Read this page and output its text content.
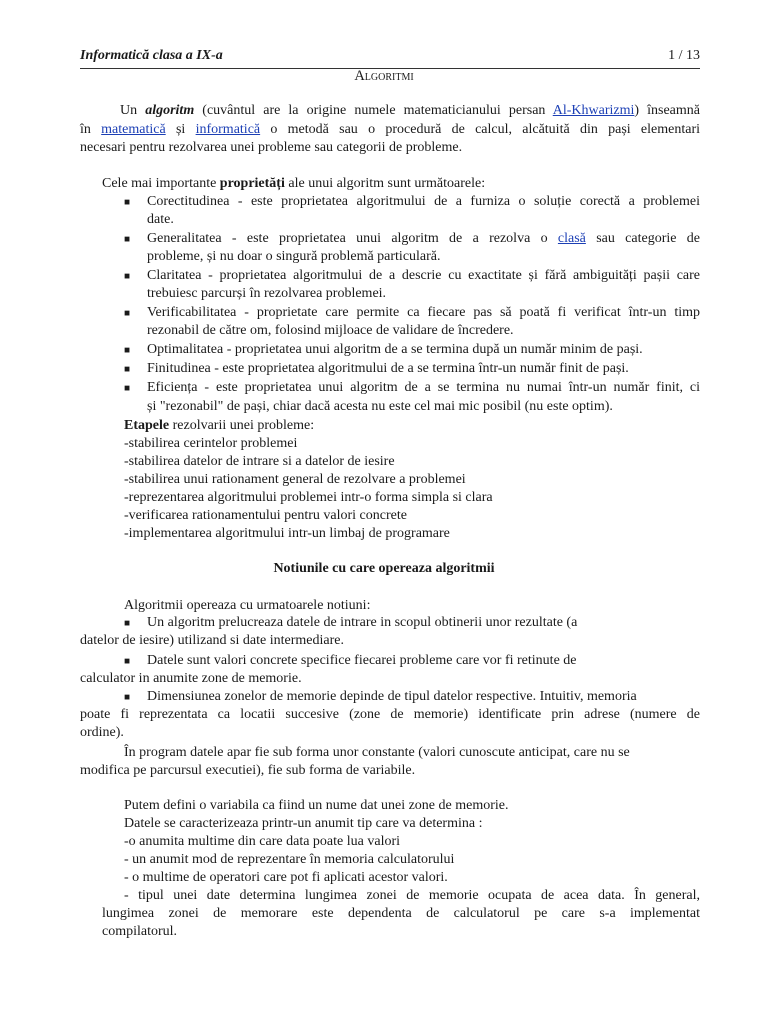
Informatică clasa a IX-a	1 / 13
Algoritmi
Un algoritm (cuvântul are la origine numele matematicianului persan Al-Khwarizmi) înseamnă
în matematică și informatică o metodă sau o procedură de calcul, alcătuită din pași elementari
necesari pentru rezolvarea unei probleme sau categorii de probleme.
Cele mai importante proprietăți ale unui algoritm sunt următoarele:
■ Corectitudinea - este proprietatea algoritmului de a furniza o soluție corectă a problemei
date.
■ Generalitatea - este proprietatea unui algoritm de a rezolva o clasă sau categorie de
probleme, și nu doar o singură problemă particulară.
■ Claritatea - proprietatea algoritmului de a descrie cu exactitate și fără ambiguități pașii care
trebuiesc parcurși în rezolvarea problemei.
■ Verificabilitatea - proprietate care permite ca fiecare pas să poată fi verificat într-un timp
rezonabil de către om, folosind mijloace de validare de încredere.
■ Optimalitatea - proprietatea unui algoritm de a se termina după un număr minim de pași.
■ Finitudinea - este proprietatea algoritmului de a se termina într-un număr finit de pași.
■ Eficiența - este proprietatea unui algoritm de a se termina nu numai într-un număr finit, ci
și "rezonabil" de pași, chiar dacă acesta nu este cel mai mic posibil (nu este optim).
Etapele rezolvarii unei probleme:
-stabilirea cerintelor problemei
-stabilirea datelor de intrare si a datelor de iesire
-stabilirea unui rationament general de rezolvare a problemei
-reprezentarea algoritmului problemei intr-o forma simpla si clara
-verificarea rationamentului pentru valori concrete
-implementarea algoritmului intr-un limbaj de programare
Notiunile cu care opereaza algoritmii
Algoritmii opereaza cu urmatoarele notiuni:
■ Un algoritm prelucreaza datele de intrare in scopul obtinerii unor rezultate (a
datelor de iesire) utilizand si date intermediare.
■ Datele sunt valori concrete specifice fiecarei probleme care vor fi retinute de
calculator in anumite zone de memorie.
■ Dimensiunea zonelor de memorie depinde de tipul datelor respective. Intuitiv, memoria
poate fi reprezentata ca locatii succesive (zone de memorie) identificate prin adrese (numere de
ordine).
În program datele apar fie sub forma unor constante (valori cunoscute anticipat, care nu se
modifica pe parcursul executiei), fie sub forma de variabile.
Putem defini o variabila ca fiind un nume dat unei zone de memorie.
Datele se caracterizeaza printr-un anumit tip care va determina :
-o anumita multime din care data poate lua valori
- un anumit mod de reprezentare în memoria calculatorului
- o multime de operatori care pot fi aplicati acestor valori.
- tipul unei date determina lungimea zonei de memorie ocupata de acea data. În general,
lungimea zonei de memorare este dependenta de calculatorul pe care s-a implementat
compilatorul.
